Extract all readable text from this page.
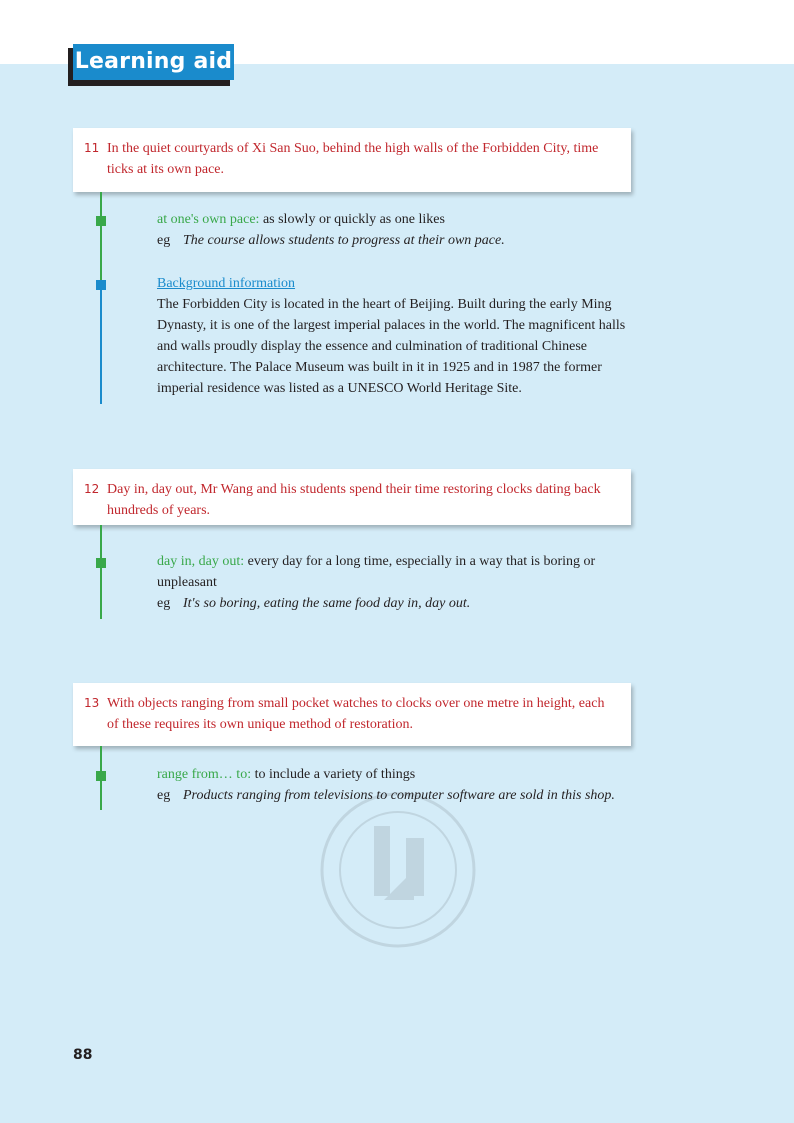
Learning aid
11 In the quiet courtyards of Xi San Suo, behind the high walls of the Forbidden City, time ticks at its own pace.
at one's own pace: as slowly or quickly as one likes
eg The course allows students to progress at their own pace.
Background information
The Forbidden City is located in the heart of Beijing. Built during the early Ming Dynasty, it is one of the largest imperial palaces in the world. The magnificent halls and walls proudly display the essence and culmination of traditional Chinese architecture. The Palace Museum was built in it in 1925 and in 1987 the former imperial residence was listed as a UNESCO World Heritage Site.
12 Day in, day out, Mr Wang and his students spend their time restoring clocks dating back hundreds of years.
day in, day out: every day for a long time, especially in a way that is boring or unpleasant
eg It's so boring, eating the same food day in, day out.
13 With objects ranging from small pocket watches to clocks over one metre in height, each of these requires its own unique method of restoration.
range from… to: to include a variety of things
eg Products ranging from televisions to computer software are sold in this shop.
88
